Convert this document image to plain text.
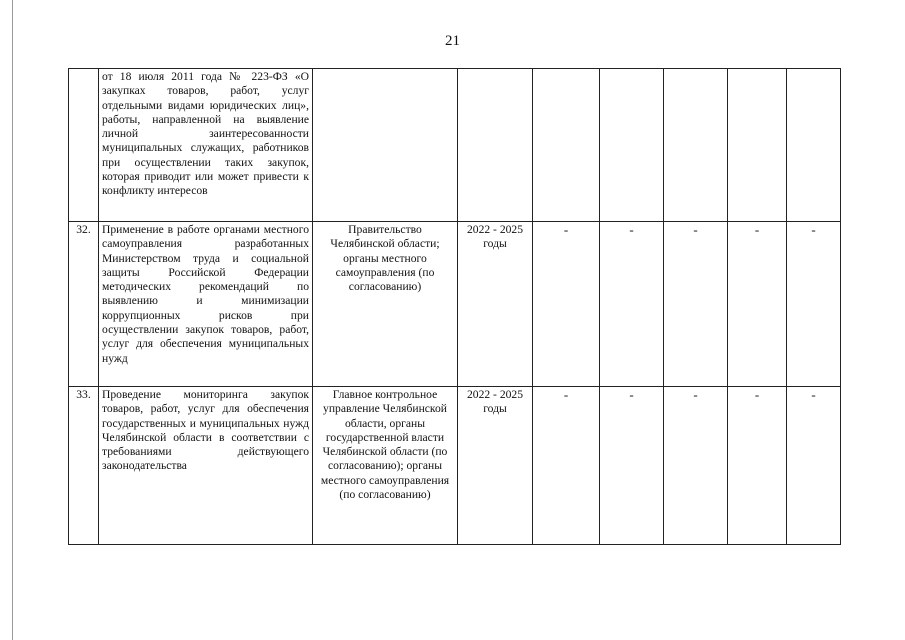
21
	от 18 июля 2011 года № 223-ФЗ «О закупках товаров, работ, услуг отдельными видами юридических лиц», работы, направленной на выявление личной заинтересованности муниципальных служащих, работников при осуществлении таких закупок, которая приводит или может привести к конфликту интересов							
32.	Применение в работе органами местного самоуправления разработанных Министерством труда и социальной защиты Российской Федерации методических рекомендаций по выявлению и минимизации коррупционных рисков при осуществлении закупок товаров, работ, услуг для обеспечения муниципальных нужд	Правительство Челябинской области; органы местного самоуправления (по согласованию)	2022 - 2025 годы	-	-	-	-	-
33.	Проведение мониторинга закупок товаров, работ, услуг для обеспечения государственных и муниципальных нужд Челябинской области в соответствии с требованиями действующего законодательства	Главное контрольное управление Челябинской области, органы государственной власти Челябинской области (по согласованию); органы местного самоуправления (по согласованию)	2022 - 2025 годы	-	-	-	-	-
